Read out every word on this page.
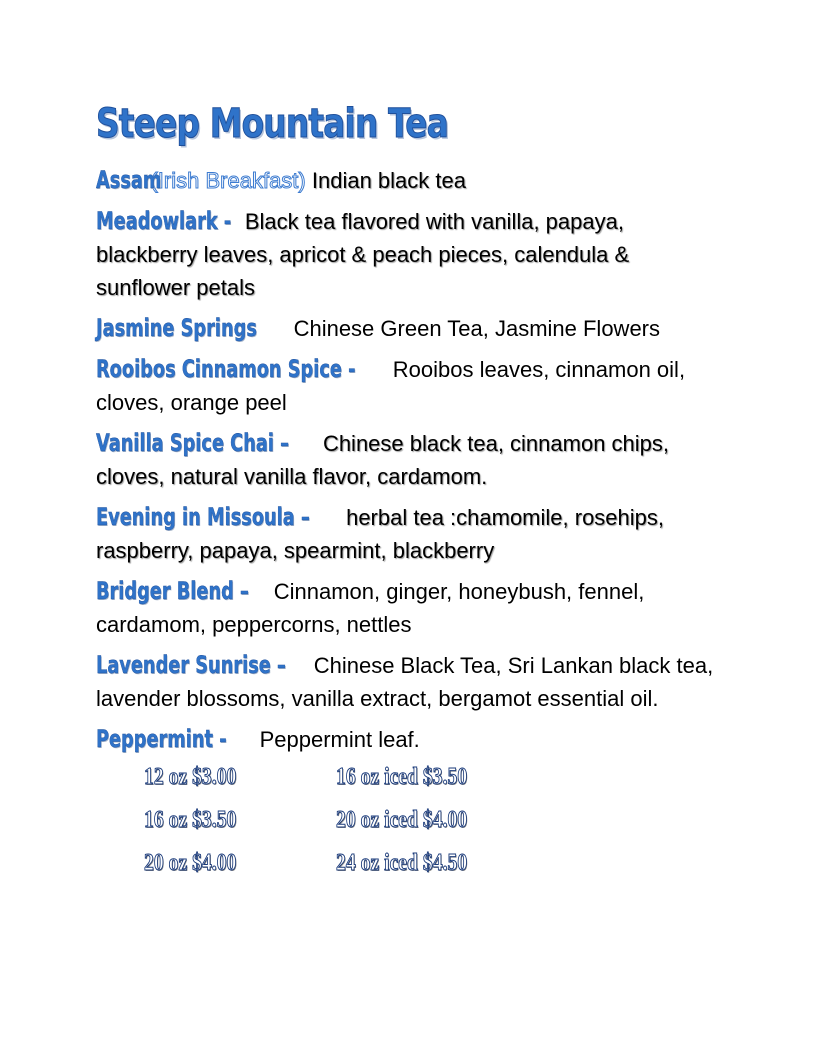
Steep Mountain Tea
Assam (Irish Breakfast) Indian black tea
Meadowlark - Black tea flavored with vanilla, papaya, blackberry leaves, apricot & peach pieces, calendula & sunflower petals
Jasmine Springs Chinese Green Tea, Jasmine Flowers
Rooibos Cinnamon Spice - Rooibos leaves, cinnamon oil, cloves, orange peel
Vanilla Spice Chai – Chinese black tea, cinnamon chips, cloves, natural vanilla flavor, cardamom.
Evening in Missoula – herbal tea :chamomile, rosehips, raspberry, papaya, spearmint, blackberry
Bridger Blend – Cinnamon, ginger, honeybush, fennel, cardamom, peppercorns, nettles
Lavender Sunrise – Chinese Black Tea, Sri Lankan black tea, lavender blossoms, vanilla extract, bergamot essential oil.
Peppermint - Peppermint leaf.
12 oz $3.00	16 oz iced $3.50
16 oz $3.50	20 oz iced $4.00
20 oz $4.00	24 oz iced $4.50
